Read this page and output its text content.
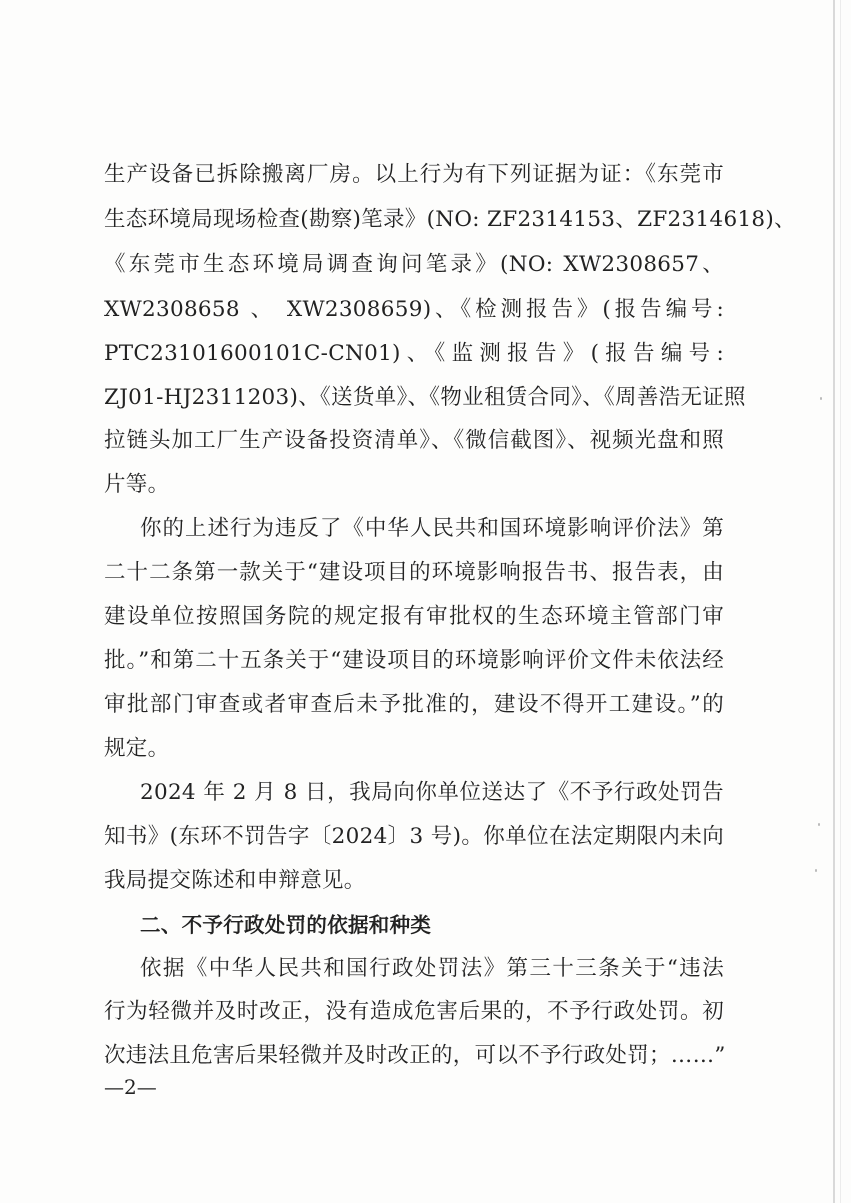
生产设备已拆除搬离厂房。以上行为有下列证据为证：《东莞市
生态环境局现场检查(勘察)笔录》(NO: ZF2314153、ZF2314618)、
《东莞市生态环境局调查询问笔录》(NO: XW2308657、
XW2308658 、 XW2308659)、《检测报告》(报告编号:
PTC23101600101C-CN01)、《监测报告》(报告编号:
ZJ01-HJ2311203)、《送货单》、《物业租赁合同》、《周善浩无证照
拉链头加工厂生产设备投资清单》、《微信截图》、视频光盘和照
片等。
你的上述行为违反了《中华人民共和国环境影响评价法》第
二十二条第一款关于“建设项目的环境影响报告书、报告表，由
建设单位按照国务院的规定报有审批权的生态环境主管部门审
批。”和第二十五条关于“建设项目的环境影响评价文件未依法经
审批部门审查或者审查后未予批准的，建设不得开工建设。”的
规定。
2024 年 2 月 8 日，我局向你单位送达了《不予行政处罚告
知书》(东环不罚告字〔2024〕3 号)。你单位在法定期限内未向
我局提交陈述和申辩意见。
二、不予行政处罚的依据和种类
依据《中华人民共和国行政处罚法》第三十三条关于“违法
行为轻微并及时改正，没有造成危害后果的，不予行政处罚。初
次违法且危害后果轻微并及时改正的，可以不予行政处罚；……”
—2—
